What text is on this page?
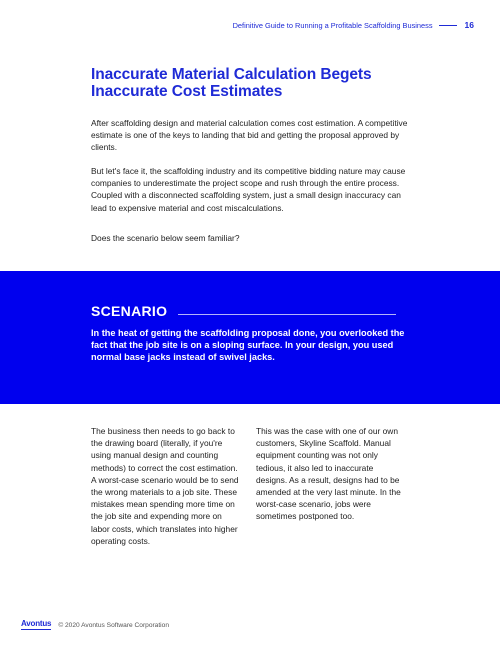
Definitive Guide to Running a Profitable Scaffolding Business	16
Inaccurate Material Calculation Begets Inaccurate Cost Estimates

After scaffolding design and material calculation comes cost estimation. A competitive estimate is one of the keys to landing that bid and getting the proposal approved by clients.

But let's face it, the scaffolding industry and its competitive bidding nature may cause companies to underestimate the project scope and rush through the entire process. Coupled with a disconnected scaffolding system, just a small design inaccuracy can lead to expensive material and cost miscalculations.

Does the scenario below seem familiar?

SCENARIO

In the heat of getting the scaffolding proposal done, you overlooked the fact that the job site is on a sloping surface. In your design, you used normal base jacks instead of swivel jacks.

The business then needs to go back to the drawing board (literally, if you're using manual design and counting methods) to correct the cost estimation. A worst-case scenario would be to send the wrong materials to a job site. These mistakes mean spending more time on the job site and expending more on labor costs, which translates into higher operating costs.

This was the case with one of our own customers, Skyline Scaffold. Manual equipment counting was not only tedious, it also led to inaccurate designs. As a result, designs had to be amended at the very last minute. In the worst-case scenario, jobs were sometimes postponed too.

Avontus © 2020 Avontus Software Corporation
